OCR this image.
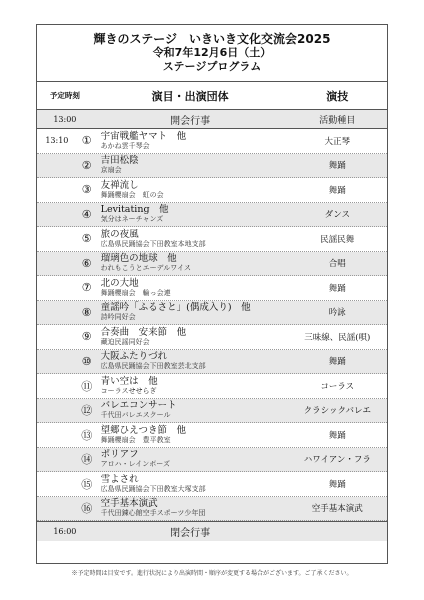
輝きのステージ　いきいき文化交流会2025
令和7年12月6日（土）
ステージプログラム
予定時刻	演目・出演団体	演技
13:00	開会行事	活動種目
13:10	① 宇宙戦艦ヤマト　他
あかね雲千琴会	大正琴
② 吉田松陰
京扇会	舞踊
③ 友禅流し
舞踊櫻扇会　虹の会	舞踊
④ Levitating　他
気分はネーチャンズ	ダンス
⑤ 旅の夜風
広島県民踊協会下田教室本地支部	民謡民舞
⑥ 瑠璃色の地球　他
われもこうとエーデルワイス	合唱
⑦ 北の大地
舞踊櫻扇会　輪っ会連	舞踊
⑧ 童謡吟「ふるさと」(偶成入り)　他
詩吟同好会	吟詠
⑨ 合奏曲　安来節　他
藏迫民謡同好会	三味線、民謡(唄)
⑩ 大阪ふたりづれ
広島県民踊協会下田教室芸北支部	舞踊
⑪ 青い空は　他
コーラスせせらぎ	コーラス
⑫ バレエコンサート
千代田バレエスクール	クラシックバレエ
⑬ 望郷ひえつき節　他
舞踊櫻扇会　豊平教室	舞踊
⑭ ポリアフ
アロハ・レインボーズ	ハワイアン・フラ
⑮ 雪よされ
広島県民踊協会下田教室大塚支部	舞踊
⑯ 空手基本演武
千代田錬心館空手スポーツ少年団	空手基本演武
16:00	閉会行事
※予定時間は目安です。進行状況により出演時間・順序が変更する場合がございます。ご了承ください。
